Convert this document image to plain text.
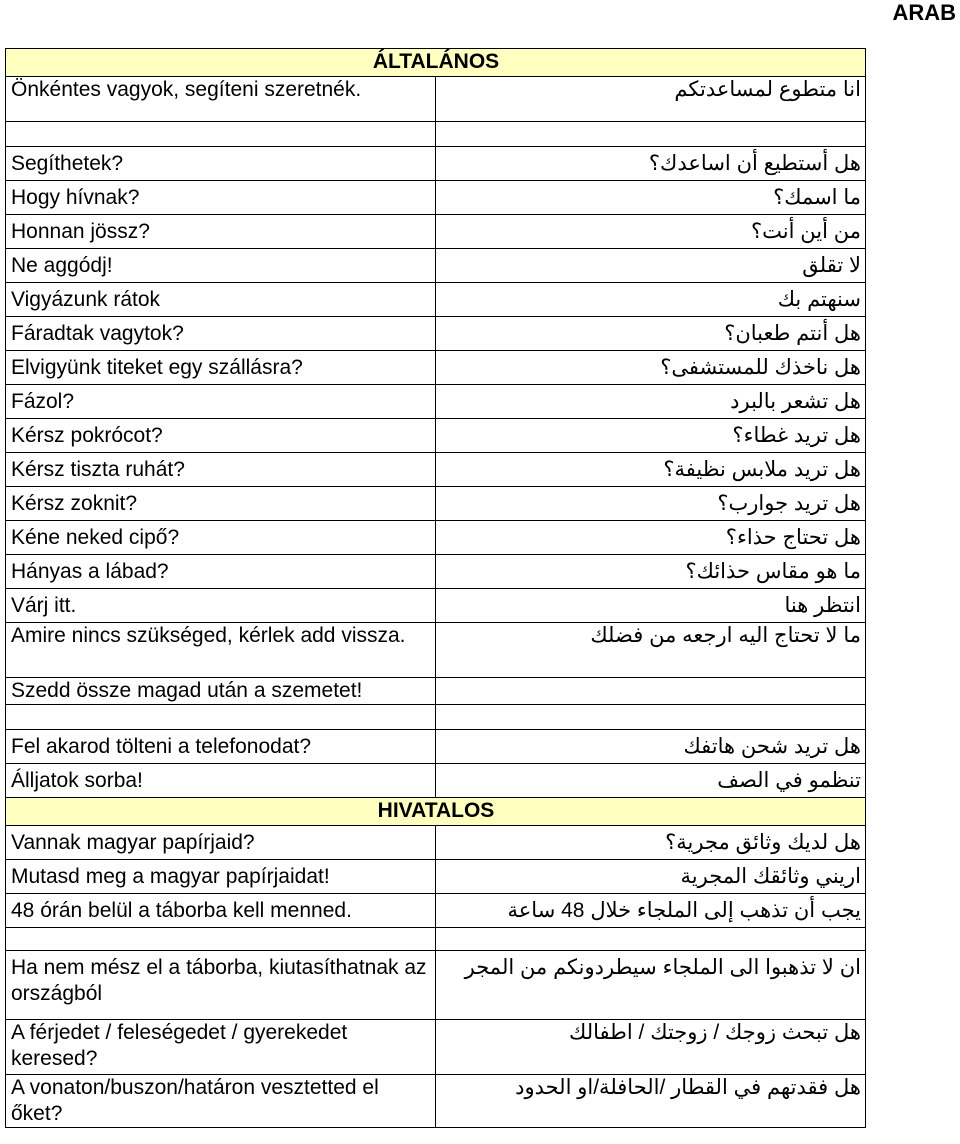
ARAB
ÁLTALÁNOS	
Önkéntes vagyok, segíteni szeretnék.	انا متطوع لمساعدتكم

Segíthetek?	هل أستطيع أن اساعدك؟
Hogy hívnak?	ما اسمك؟
Honnan jössz?	من أين أنت؟
Ne aggódj!	لا تقلق
Vigyázunk rátok	سنهتم بك
Fáradtak vagytok?	هل أنتم طعبان؟
Elvigyünk titeket egy szállásra?	هل ناخذك للمستشفى؟
Fázol?	هل تشعر بالبرد
Kérsz pokrócot?	هل تريد غطاء؟
Kérsz tiszta ruhát?	هل تريد ملابس نظيفة؟
Kérsz zoknit?	هل تريد جوارب؟
Kéne neked cipő?	هل تحتاج حذاء؟
Hányas a lábad?	ما هو مقاس حذائك؟
Várj itt.	انتظر هنا
Amire nincs szükséged, kérlek add vissza.	ما لا تحتاج اليه ارجعه من فضلك
Szedd össze magad után a szemetet!	

Fel akarod tölteni a telefonodat?	هل تريد شحن هاتفك
Álljatok sorba!	تنظمو في الصف
HIVATALOS	
Vannak magyar papírjaid?	هل لديك وثائق مجرية؟
Mutasd meg a magyar papírjaidat!	اريني وثائقك المجرية
48 órán belül a táborba kell menned.	يجب أن تذهب إلى الملجاء خلال 48 ساعة

Ha nem mész el a táborba, kiutasíthatnak az országból	ان لا تذهبوا الى الملجاء سيطردونكم من المجر
A férjedet / feleségedet / gyerekedet keresed?	هل تبحث زوجك / زوجتك / اطفالك
A vonaton/buszon/határon vesztetted el őket?	هل فقدتهم في القطار /الحافلة/او الحدود
